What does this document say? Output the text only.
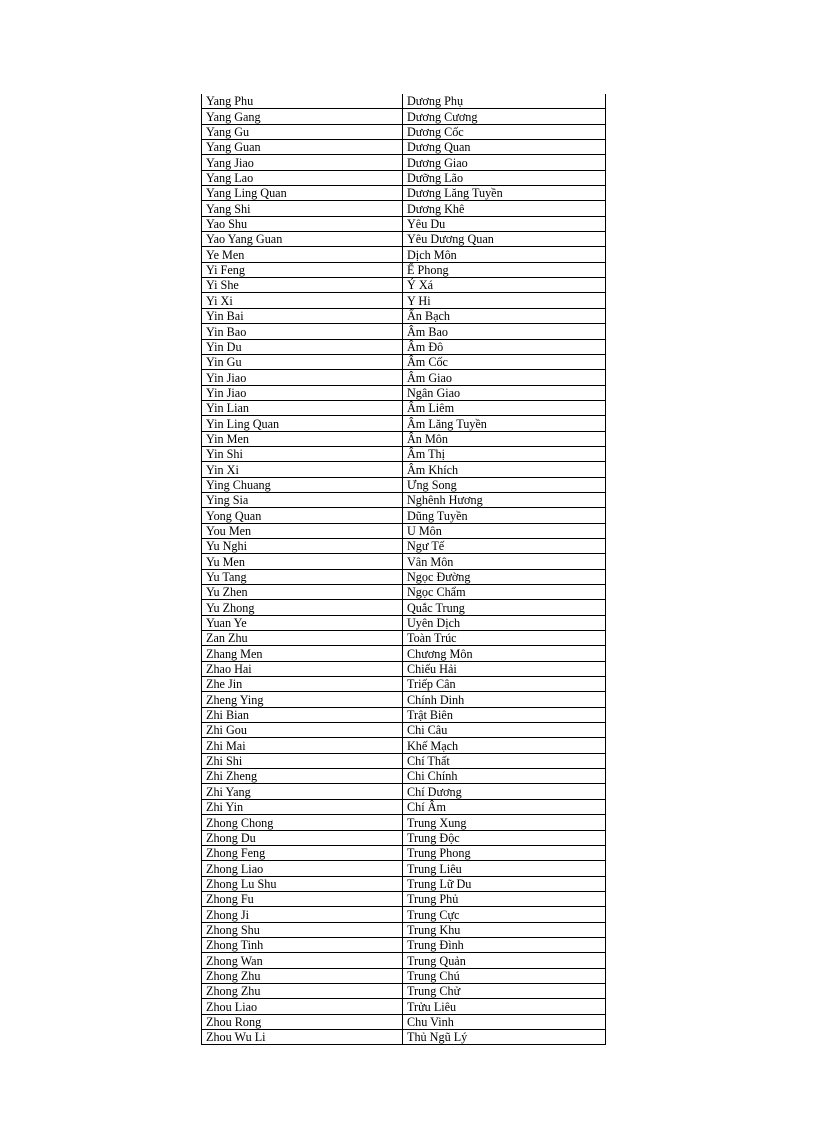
Yang Phu	Dương Phụ
Yang Gang	Dương Cương
Yang Gu	Dương Cốc
Yang Guan	Dương Quan
Yang Jiao	Dương Giao
Yang Lao	Dưỡng Lão
Yang Ling Quan	Dương Lăng Tuyền
Yang Shi	Dương Khê
Yao Shu	Yêu Du
Yao Yang Guan	Yêu Dương Quan
Ye Men	Dịch Môn
Yi Feng	Ế Phong
Yi She	Ý Xá
Yi Xi	Y Hi
Yin Bai	Ẩn Bạch
Yin Bao	Âm Bao
Yin Du	Âm Đô
Yin Gu	Âm Cốc
Yin Jiao	Âm Giao
Yin Jiao	Ngân Giao
Yin Lian	Âm Liêm
Yin Ling Quan	Âm Lăng Tuyền
Yin Men	Ân Môn
Yin Shi	Âm Thị
Yin Xi	Âm Khích
Ying Chuang	Ưng Song
Ying Sia	Nghênh Hương
Yong Quan	Dũng Tuyền
You Men	U Môn
Yu Nghi	Ngư Tế
Yu Men	Vân Môn
Yu Tang	Ngọc Đường
Yu Zhen	Ngọc Chẩm
Yu Zhong	Quắc Trung
Yuan Ye	Uyên Dịch
Zan Zhu	Toàn Trúc
Zhang Men	Chương Môn
Zhao Hai	Chiếu Hải
Zhe Jin	Triếp Cân
Zheng Ying	Chính Dinh
Zhi Bian	Trật Biên
Zhi Gou	Chi Câu
Zhi Mai	Khế Mạch
Zhi Shi	Chí Thất
Zhi Zheng	Chi Chính
Zhi Yang	Chí Dương
Zhi Yin	Chí Âm
Zhong Chong	Trung Xung
Zhong Du	Trung Độc
Zhong Feng	Trung Phong
Zhong Liao	Trung Liêu
Zhong Lu Shu	Trung Lữ Du
Zhong Fu	Trung Phủ
Zhong Ji	Trung Cực
Zhong Shu	Trung Khu
Zhong Tinh	Trung Đình
Zhong Wan	Trung Quản
Zhong Zhu	Trung Chú
Zhong Zhu	Trung Chử
Zhou Liao	Trửu Liêu
Zhou Rong	Chu Vinh
Zhou Wu Li	Thủ Ngũ Lý
